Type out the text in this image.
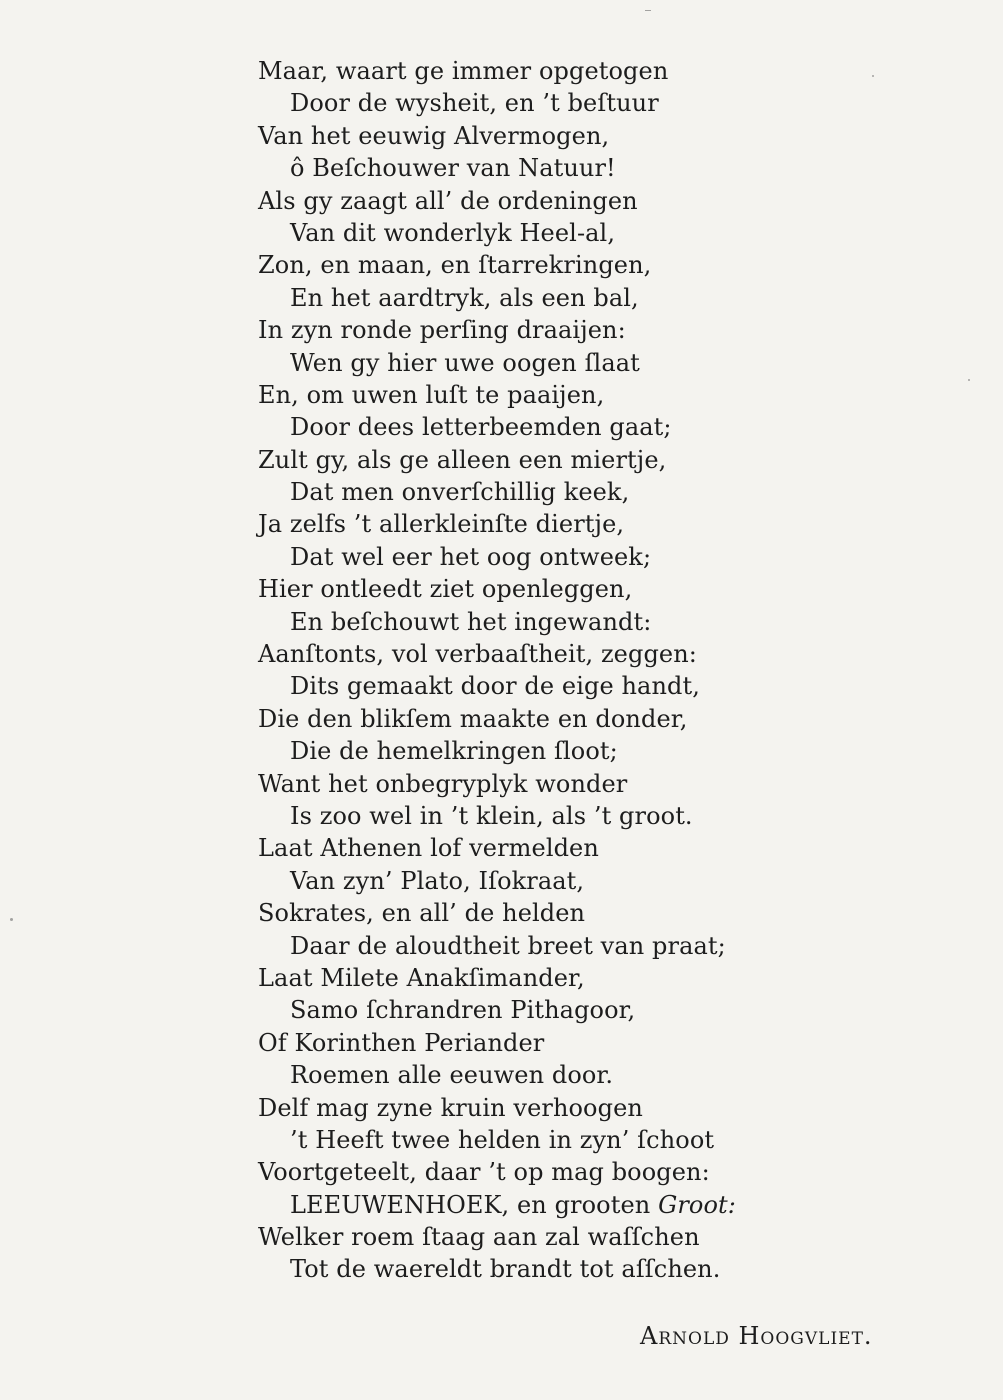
Maar, waart ge immer opgetogen
Door de wysheit, en ’t beſtuur
Van het eeuwig Alvermogen,
ô Beſchouwer van Natuur!
Als gy zaagt all’ de ordeningen
Van dit wonderlyk Heel-al,
Zon, en maan, en ſtarrekringen,
En het aardtryk, als een bal,
In zyn ronde perſing draaijen:
Wen gy hier uwe oogen ſlaat
En, om uwen luſt te paaijen,
Door dees letterbeemden gaat;
Zult gy, als ge alleen een miertje,
Dat men onverſchillig keek,
Ja zelfs ’t allerkleinſte diertje,
Dat wel eer het oog ontweek;
Hier ontleedt ziet openleggen,
En beſchouwt het ingewandt:
Aanſtonts, vol verbaaſtheit, zeggen:
Dits gemaakt door de eige handt,
Die den blikſem maakte en donder,
Die de hemelkringen ſloot;
Want het onbegryplyk wonder
Is zoo wel in ’t klein, als ’t groot.
Laat Athenen lof vermelden
Van zyn’ Plato, Iſokraat,
Sokrates, en all’ de helden
Daar de aloudtheit breet van praat;
Laat Milete Anakſimander,
Samo ſchrandren Pithagoor,
Of Korinthen Periander
Roemen alle eeuwen door.
Delf mag zyne kruin verhoogen
’t Heeft twee helden in zyn’ ſchoot
Voortgeteelt, daar ’t op mag boogen:
LEEUWENHOEK, en grooten Groot:
Welker roem ſtaag aan zal waſſchen
Tot de waereldt brandt tot aſſchen.
Arnold Hoogvliet.
